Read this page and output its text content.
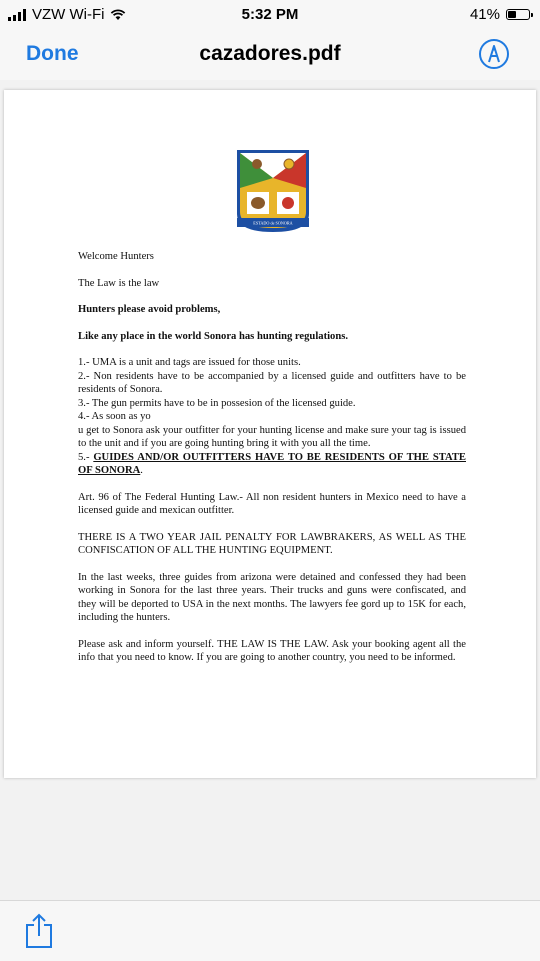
VZW Wi-Fi	5:32 PM	41%
Done	cazadores.pdf
ESTADO de SONORA

Welcome Hunters

The Law is the law

Hunters please avoid problems,

Like any place in the world Sonora has hunting regulations.

1.- UMA is a unit and tags are issued for those units.

2.- Non residents have to be accompanied by a licensed guide and outfitters have to be residents of Sonora.

3.- The gun permits have to be in possesion of the licensed guide.

4.- As soon as yo

u get to Sonora ask your outfitter for your hunting license and make sure your tag is issued to the unit and if you are going hunting bring it with you all the time.

5.- GUIDES AND/OR OUTFITTERS HAVE TO BE RESIDENTS OF THE STATE OF SONORA.

Art. 96 of The Federal Hunting Law.- All non resident hunters in Mexico need to have a licensed guide and mexican outfitter.

THERE IS A TWO YEAR JAIL PENALTY FOR LAWBRAKERS, AS WELL AS THE CONFISCATION OF ALL THE HUNTING EQUIPMENT.

In the last weeks, three guides from arizona were detained and confessed they had been working in Sonora for the last three years. Their trucks and guns were confiscated, and they will be deported to USA in the next months. The lawyers fee gord up to 15K for each, including the hunters.

Please ask and inform yourself. THE LAW IS THE LAW. Ask your booking agent all the info that you need to know. If you are going to another country, you need to be informed.
